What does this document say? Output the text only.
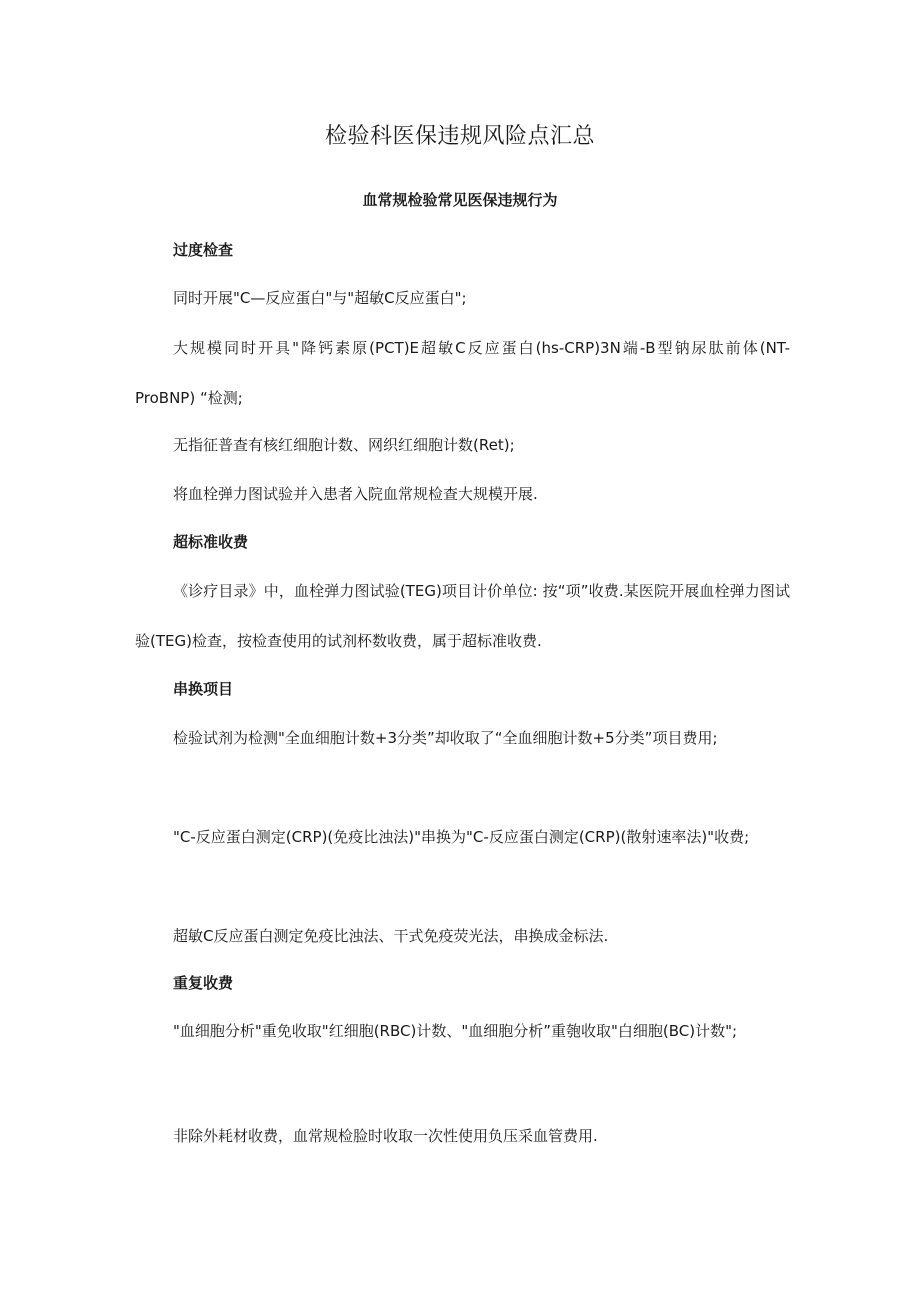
检验科医保违规风险点汇总
血常规检验常见医保违规行为
过度检查

同时开展"C—反应蛋白"与"超敏C反应蛋白";

大规模同时开具"降钙素原(PCT)E超敏C反应蛋白(hs-CRP)3N端-B型钠尿肽前体(NT-ProBNP) “检测;

无指征普查有核红细胞计数、网织红细胞计数(Ret);

将血栓弹力图试验并入患者入院血常规检查大规模开展.

超标准收费

《诊疗目录》中，血栓弹力图试验(TEG)项目计价单位: 按“项”收费.某医院开展血栓弹力图试验(TEG)检查，按检查使用的试剂杯数收费，属于超标准收费.

串换项目

检验试剂为检测"全血细胞计数+3分类”却收取了“全血细胞计数+5分类”项目费用;

"C-反应蛋白测定(CRP)(免疫比浊法)"串换为"C-反应蛋白测定(CRP)(散射速率法)"收费;

超敏C反应蛋白测定免疫比浊法、干式免疫荧光法，串换成金标法.

重复收费

"血细胞分析"重免收取"红细胞(RBC)计数、"血细胞分析”重匏收取"白细胞(BC)计数";

非除外耗材收费，血常规检脸时收取一次性使用负压采血管费用.
